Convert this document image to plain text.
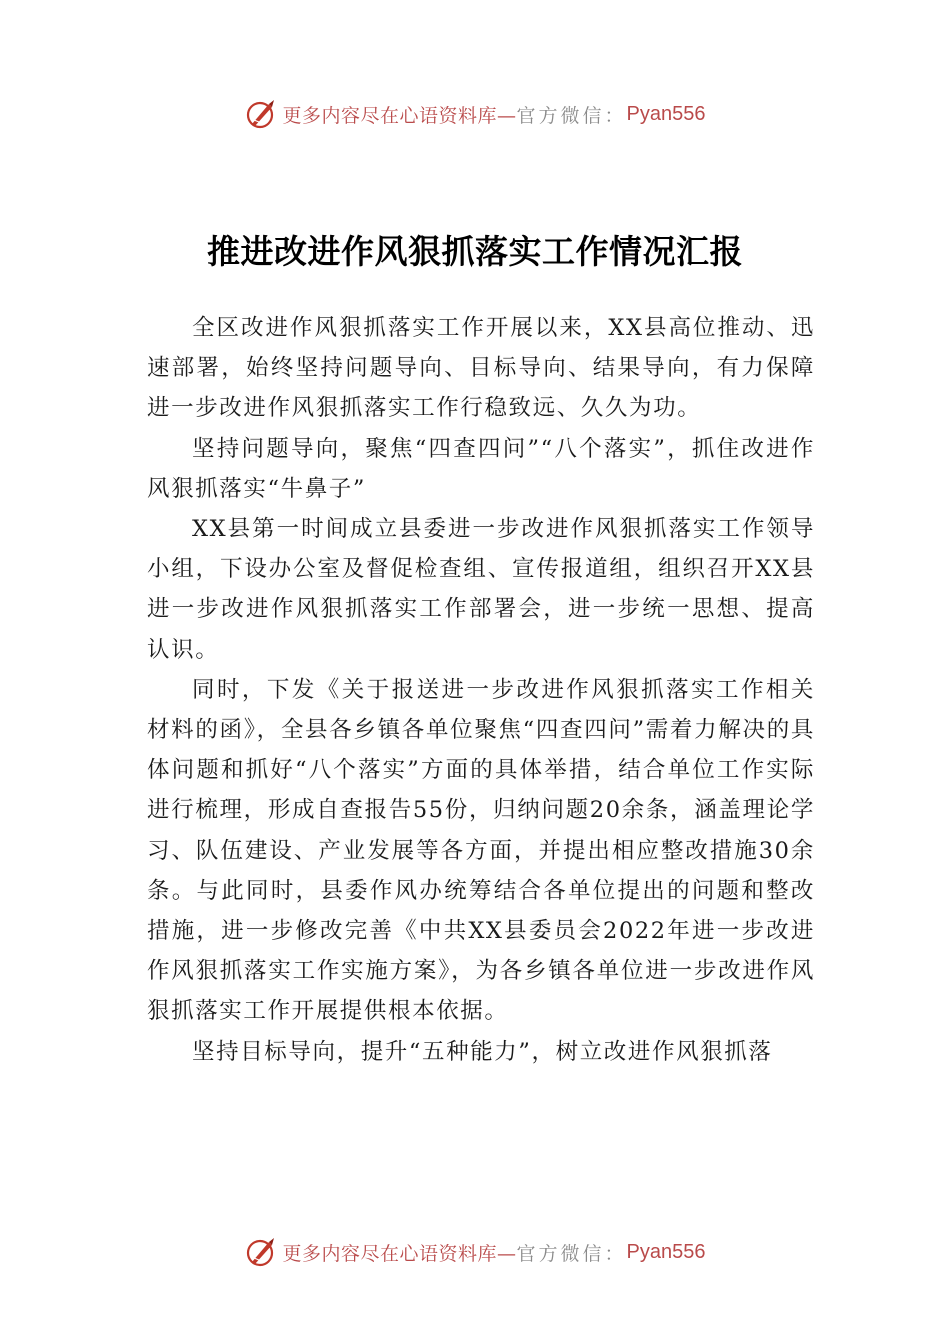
更多内容尽在心语资料库— 官方微信： Pyan556
推进改进作风狠抓落实工作情况汇报

全区改进作风狠抓落实工作开展以来，XX县高位推动、迅速部署，始终坚持问题导向、目标导向、结果导向，有力保障进一步改进作风狠抓落实工作行稳致远、久久为功。

坚持问题导向，聚焦“四查四问”“八个落实”，抓住改进作风狠抓落实“牛鼻子”

XX县第一时间成立县委进一步改进作风狠抓落实工作领导小组，下设办公室及督促检查组、宣传报道组，组织召开XX县进一步改进作风狠抓落实工作部署会，进一步统一思想、提高认识。

同时，下发《关于报送进一步改进作风狠抓落实工作相关材料的函》，全县各乡镇各单位聚焦“四查四问”需着力解决的具体问题和抓好“八个落实”方面的具体举措，结合单位工作实际进行梳理，形成自查报告55份，归纳问题20余条，涵盖理论学习、队伍建设、产业发展等各方面，并提出相应整改措施30余条。与此同时，县委作风办统筹结合各单位提出的问题和整改措施，进一步修改完善《中共XX县委员会2022年进一步改进作风狠抓落实工作实施方案》，为各乡镇各单位进一步改进作风狠抓落实工作开展提供根本依据。

坚持目标导向，提升“五种能力”，树立改进作风狠抓落

更多内容尽在心语资料库— 官方微信： Pyan556
